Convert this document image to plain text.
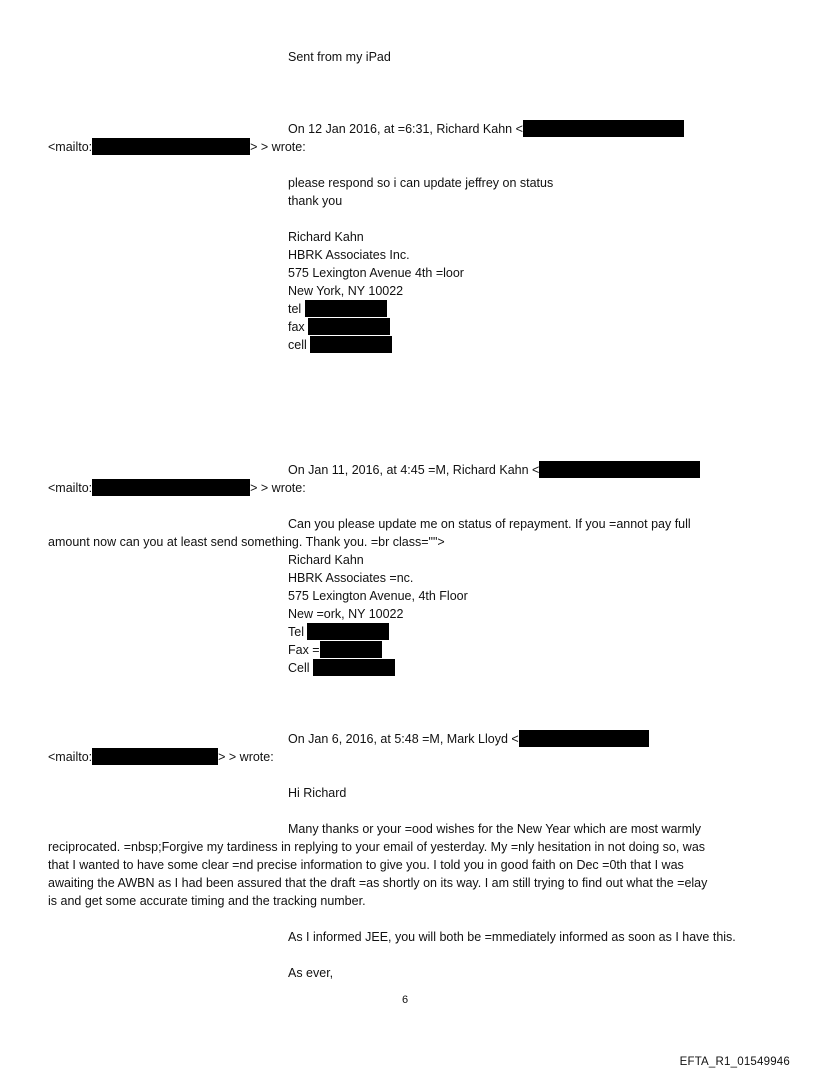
Sent from my iPad
On 12 Jan 2016, at =6:31, Richard Kahn <
<mailto:	> > wrote:
please respond so i can update jeffrey on status
thank you
Richard Kahn
HBRK Associates Inc.
575 Lexington Avenue 4th =loor
New York, NY 10022
tel
fax
cell
On Jan 11, 2016, at 4:45 =M, Richard Kahn <
<mailto:	> > wrote:
Can you please update me on status of repayment. If you =annot pay full
amount now can you at least send something. Thank you. =br class="">
Richard Kahn
HBRK Associates =nc.
575 Lexington Avenue, 4th Floor
New =ork, NY 10022
Tel
Fax =
Cell
On Jan 6, 2016, at 5:48 =M, Mark Lloyd <
<mailto:	> > wrote:
Hi Richard
Many thanks or your =ood wishes for the New Year which are most warmly
reciprocated. =nbsp;Forgive my tardiness in replying to your email of yesterday. My =nly hesitation in not doing so, was
that I wanted to have some clear =nd precise information to give you. I told you in good faith on Dec =0th that I was
awaiting the AWBN as I had been assured that the draft =as shortly on its way. I am still trying to find out what the =elay
is and get some accurate timing and the tracking number.
As I informed JEE, you will both be =mmediately informed as soon as I have this.
As ever,
6
EFTA_R1_01549946
